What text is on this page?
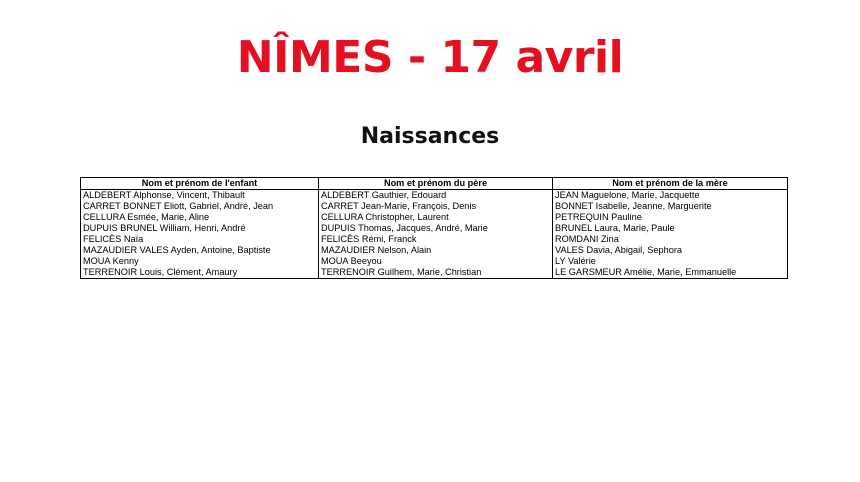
NÎMES - 17 avril
Naissances
Nom et prénom de l'enfant	Nom et prénom du père	Nom et prénom de la mère
ALDEBERT Alphonse, Vincent, Thibault	ALDEBERT Gauthier, Edouard	JEAN Maguelone, Marie, Jacquette
CARRET BONNET Eliott, Gabriel, André, Jean	CARRET Jean-Marie, François, Denis	BONNET Isabelle, Jeanne, Marguerite
CELLURA Esmée, Marie, Aline	CELLURA Christopher, Laurent	PETREQUIN Pauline
DUPUIS BRUNEL William, Henri, André	DUPUIS Thomas, Jacques, André, Marie	BRUNEL Laura, Marie, Paule
FELICÈS Naïa	FELICÈS Rémi, Franck	ROMDANI Zina
MAZAUDIER VALES Ayden, Antoine, Baptiste	MAZAUDIER Nelson, Alain	VALES Davia, Abigail, Sephora
MOUA Kenny	MOUA Beeyou	LY Valérie
TERRENOIR Louis, Clément, Amaury	TERRENOIR Guilhem, Marie, Christian	LE GARSMEUR Amélie, Marie, Emmanuelle
